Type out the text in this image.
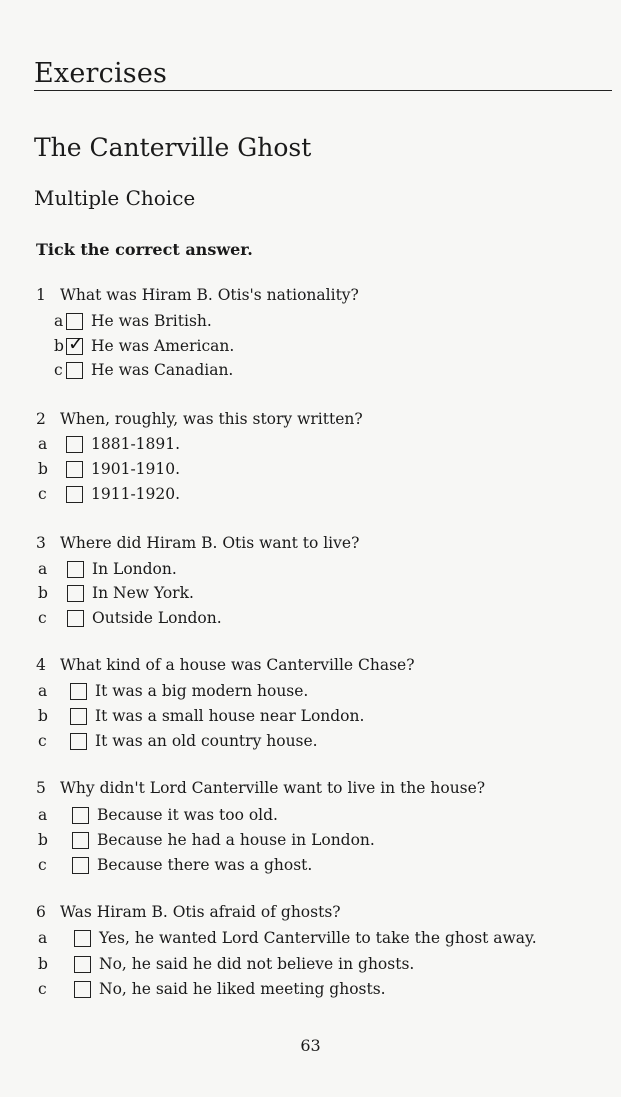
Exercises
The Canterville Ghost
Multiple Choice
Tick the correct answer.
1 What was Hiram B. Otis's nationality?
a He was British.
b
✓ He was American.
c He was Canadian.
2 When, roughly, was this story written?
a	1881-1891.
b	1901-1910.
c	1911-1920.
3 Where did Hiram B. Otis want to live?
a	In London.
b	In New York.
c	Outside London.
4 What kind of a house was Canterville Chase?
a	It was a big modern house.
b	It was a small house near London.
c	It was an old country house.
5 Why didn't Lord Canterville want to live in the house?
a	Because it was too old.
b	Because he had a house in London.
c	Because there was a ghost.
6 Was Hiram B. Otis afraid of ghosts?
a	Yes, he wanted Lord Canterville to take the ghost away.
b	No, he said he did not believe in ghosts.
c	No, he said he liked meeting ghosts.
63
